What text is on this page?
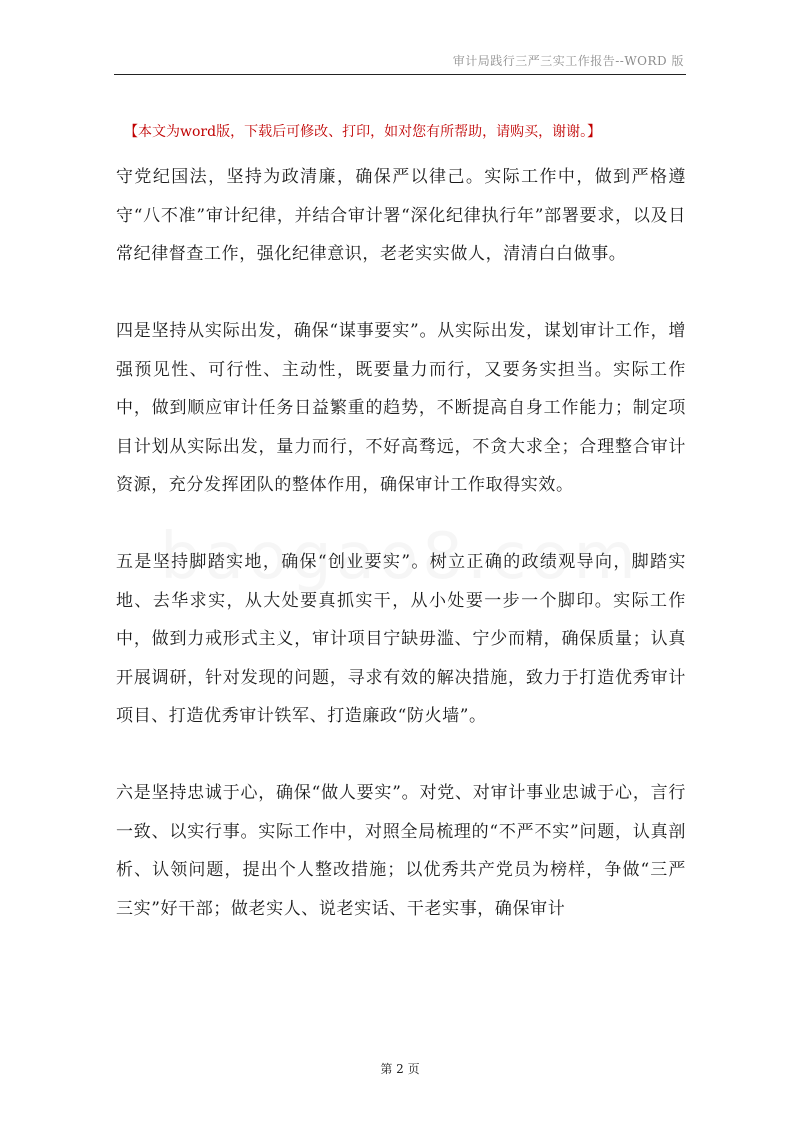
审计局践行三严三实工作报告--WORD 版
【本文为word版，下载后可修改、打印，如对您有所帮助，请购买，谢谢。】

守党纪国法，坚持为政清廉，确保严以律己。实际工作中，做到严格遵守“八不准”审计纪律，并结合审计署“深化纪律执行年”部署要求，以及日常纪律督查工作，强化纪律意识，老老实实做人，清清白白做事。

四是坚持从实际出发，确保“谋事要实”。从实际出发，谋划审计工作，增强预见性、可行性、主动性，既要量力而行，又要务实担当。实际工作中，做到顺应审计任务日益繁重的趋势，不断提高自身工作能力；制定项目计划从实际出发，量力而行，不好高骛远，不贪大求全；合理整合审计资源，充分发挥团队的整体作用，确保审计工作取得实效。

五是坚持脚踏实地，确保“创业要实”。树立正确的政绩观导向，脚踏实地、去华求实，从大处要真抓实干，从小处要一步一个脚印。实际工作中，做到力戒形式主义，审计项目宁缺毋滥、宁少而精，确保质量；认真开展调研，针对发现的问题，寻求有效的解决措施，致力于打造优秀审计项目、打造优秀审计铁军、打造廉政“防火墙”。

六是坚持忠诚于心，确保“做人要实”。对党、对审计事业忠诚于心，言行一致、以实行事。实际工作中，对照全局梳理的“不严不实”问题，认真剖析、认领问题，提出个人整改措施；以优秀共产党员为榜样，争做“三严三实”好干部；做老实人、说老实话、干老实事，确保审计

第 2 页
